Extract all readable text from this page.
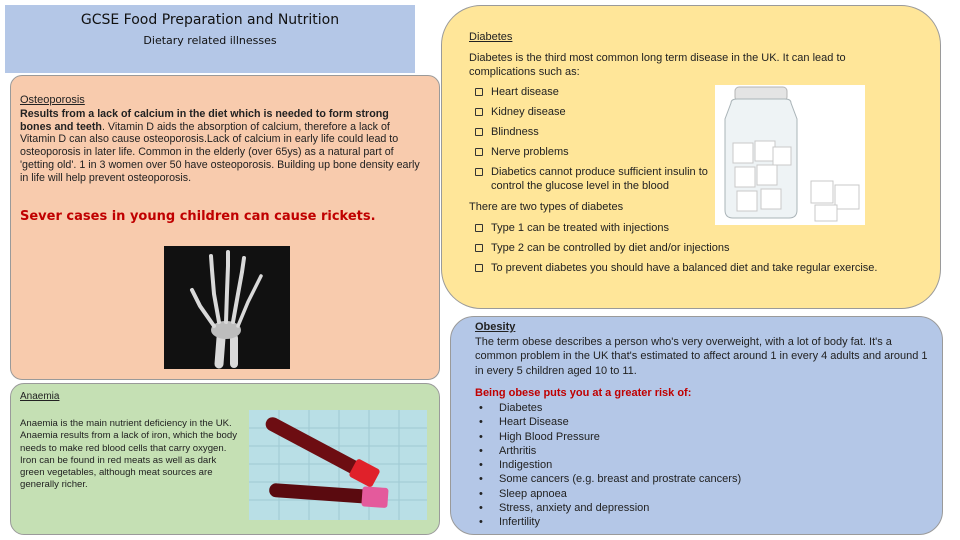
GCSE Food Preparation and Nutrition
Dietary related illnesses
Osteoporosis
Results from a lack of calcium in the diet which is needed to form strong bones and teeth. Vitamin D aids the absorption of calcium, therefore a lack of Vitamin D can also cause osteoporosis.Lack of calcium in early life could lead to osteoporosis in later life. Common in the elderly (over 65ys) as a natural part of 'getting old'. 1 in 3 women over 50 have osteoporosis. Building up bone density early in life will help prevent osteoporosis.
Sever cases in young children can cause rickets.
Diabetes
Diabetes is the third most common long term disease in the UK. It can lead to complications such as:
Heart disease
Kidney disease
Blindness
Nerve problems
Diabetics cannot produce sufficient insulin to control the glucose level in the blood
There are two types of diabetes
Type 1 can be treated with injections
Type 2 can be controlled by diet and/or injections
To prevent diabetes you should have a balanced diet and take regular exercise.
Anaemia
Anaemia is the main nutrient deficiency in the UK. Anaemia results from a lack of iron, which the body needs to make red blood cells that carry oxygen. Iron can be found in red meats as well as dark green vegetables, although meat sources are generally richer.
Obesity
The term obese describes a person who's very overweight, with a lot of body fat. It's a common problem in the UK that's estimated to affect around 1 in every 4 adults and around 1 in every 5 children aged 10 to 11.
Being obese puts you at a greater risk of:
• Diabetes
• Heart Disease
• High Blood Pressure
• Arthritis
• Indigestion
• Some cancers (e.g. breast and prostrate cancers)
• Sleep apnoea
• Stress, anxiety and depression
• Infertility
